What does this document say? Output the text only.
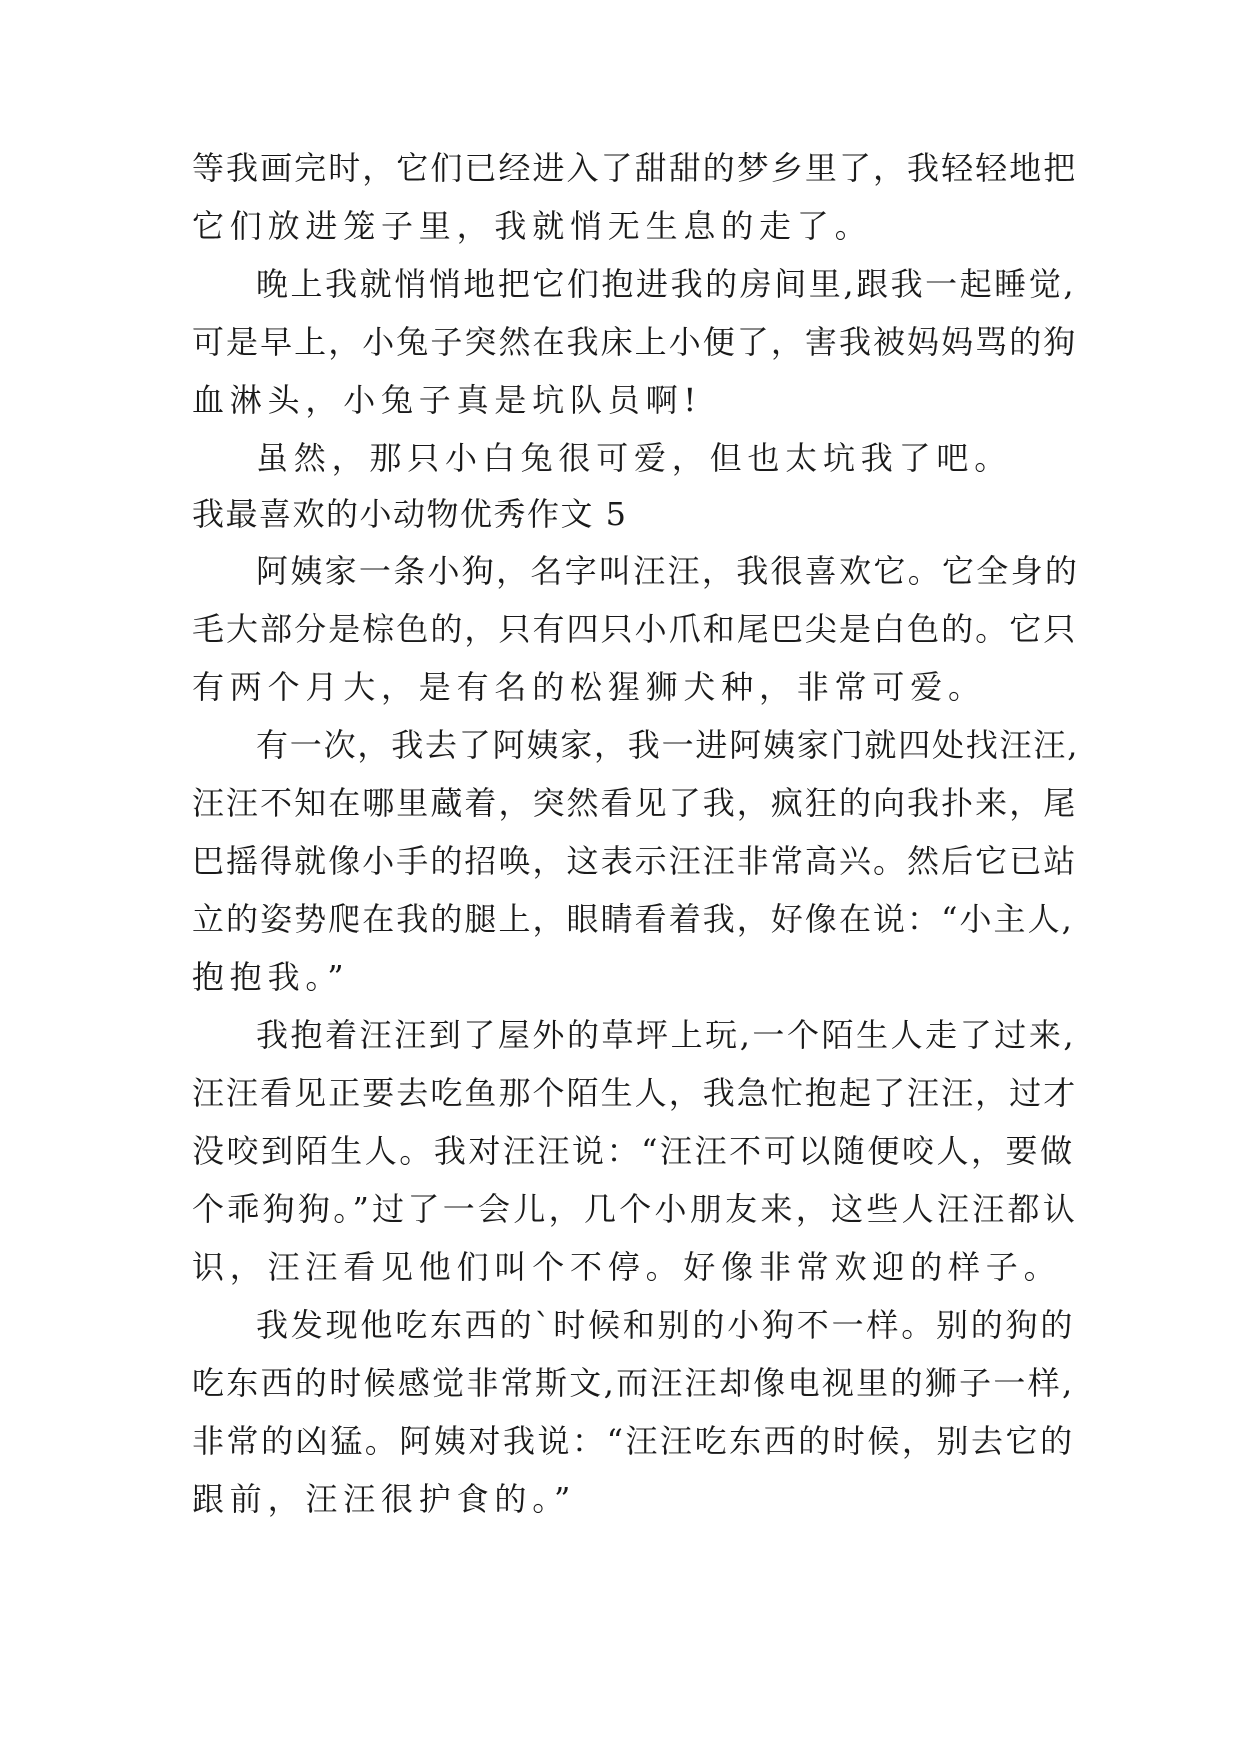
等我画完时，它们已经进入了甜甜的梦乡里了，我轻轻地把
它们放进笼子里，我就悄无生息的走了。
晚上我就悄悄地把它们抱进我的房间里,跟我一起睡觉,
可是早上，小兔子突然在我床上小便了，害我被妈妈骂的狗
血淋头，小兔子真是坑队员啊!
虽然，那只小白兔很可爱，但也太坑我了吧。
我最喜欢的小动物优秀作文 5
阿姨家一条小狗，名字叫汪汪，我很喜欢它。它全身的
毛大部分是棕色的，只有四只小爪和尾巴尖是白色的。它只
有两个月大，是有名的松猩狮犬种，非常可爱。
有一次，我去了阿姨家，我一进阿姨家门就四处找汪汪,
汪汪不知在哪里蔵着，突然看见了我，疯狂的向我扑来，尾
巴摇得就像小手的招唤，这表示汪汪非常高兴。然后它已站
立的姿势爬在我的腿上，眼睛看着我，好像在说：“小主人,
抱抱我。”
我抱着汪汪到了屋外的草坪上玩,一个陌生人走了过来,
汪汪看见正要去吃鱼那个陌生人，我急忙抱起了汪汪，过才
没咬到陌生人。我对汪汪说：“汪汪不可以随便咬人，要做
个乖狗狗。”过了一会儿，几个小朋友来，这些人汪汪都认
识，汪汪看见他们叫个不停。好像非常欢迎的样子。
我发现他吃东西的`时候和别的小狗不一样。别的狗的
吃东西的时候感觉非常斯文,而汪汪却像电视里的狮子一样,
非常的凶猛。阿姨对我说：“汪汪吃东西的时候，别去它的
跟前，汪汪很护食的。”
